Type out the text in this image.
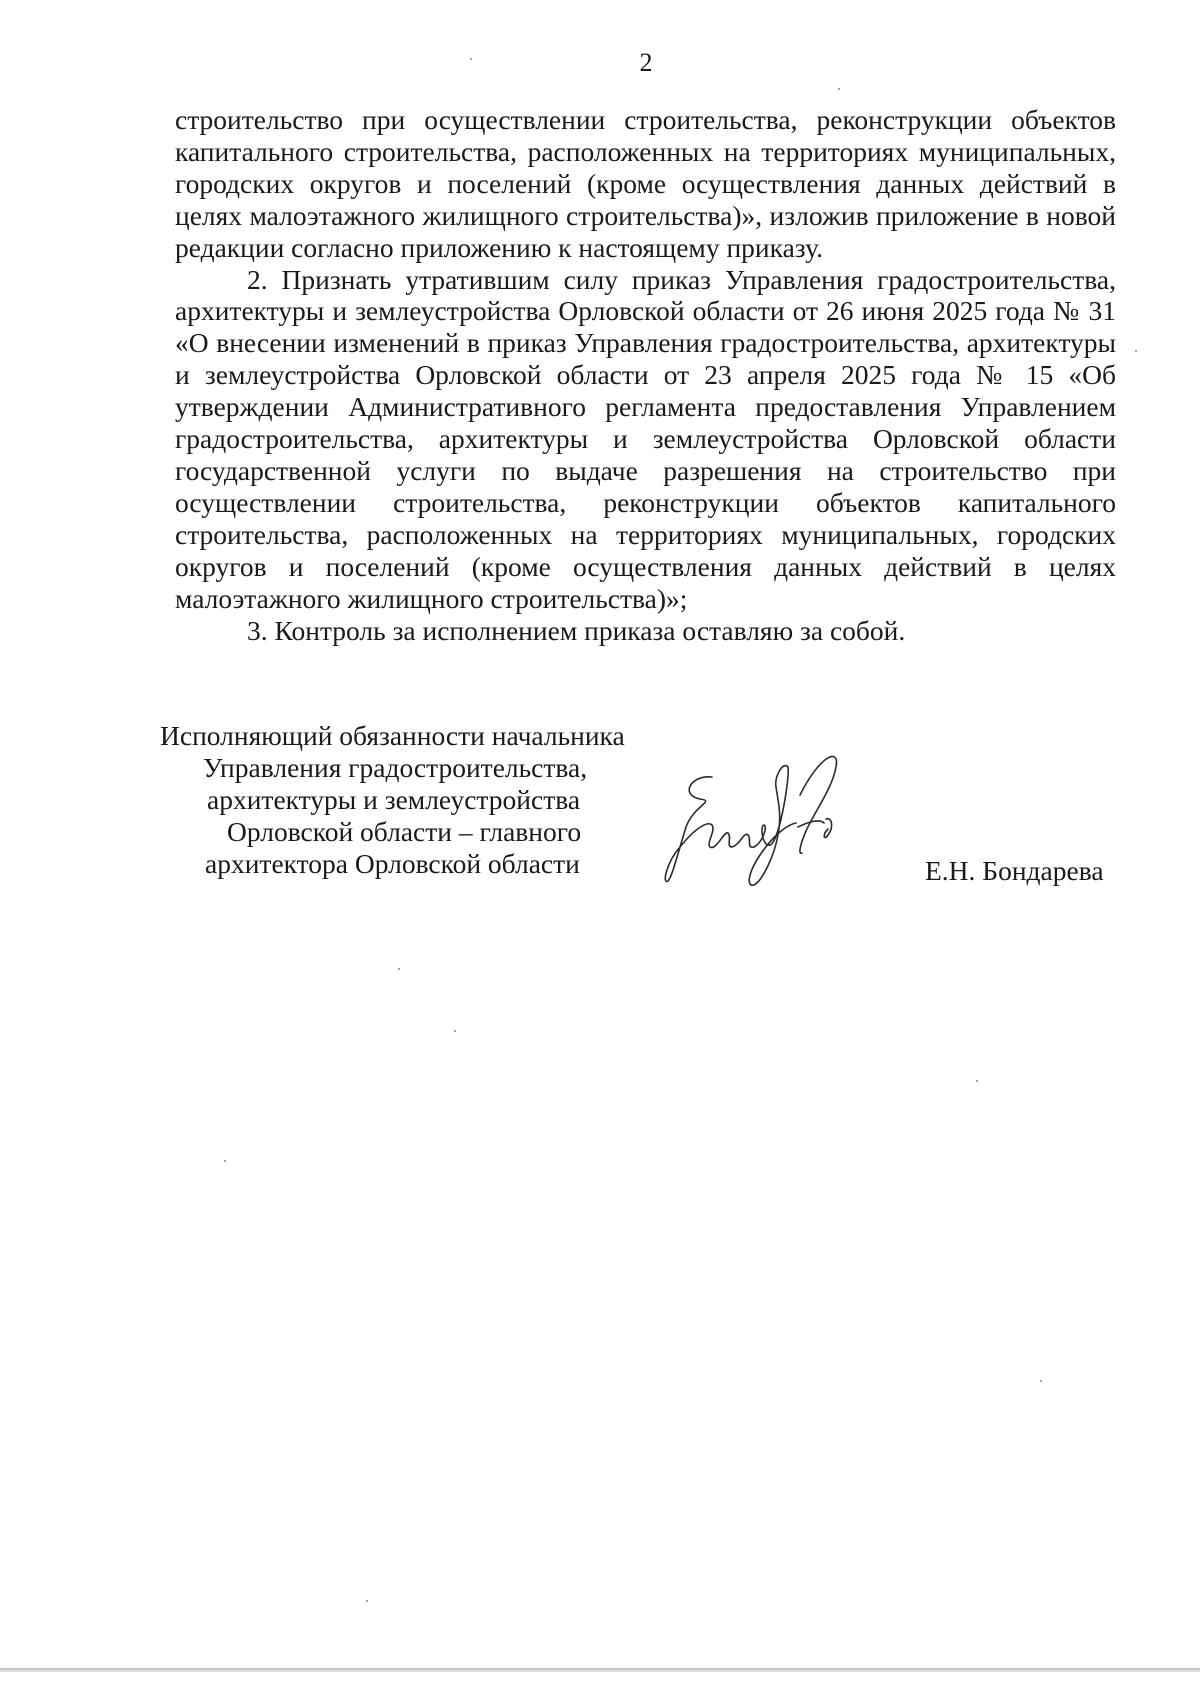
2

строительство при осуществлении строительства, реконструкции объектов капитального строительства, расположенных на территориях муниципальных, городских округов и поселений (кроме осуществления данных действий в целях малоэтажного жилищного строительства)», изложив приложение в новой редакции согласно приложению к настоящему приказу.

2. Признать утратившим силу приказ Управления градостроительства, архитектуры и землеустройства Орловской области от 26 июня 2025 года № 31 «О внесении изменений в приказ Управления градостроительства, архитектуры и землеустройства Орловской области от 23 апреля 2025 года № 15 «Об утверждении Административного регламента предоставления Управлением градостроительства, архитектуры и землеустройства Орловской области государственной услуги по выдаче разрешения на строительство при осуществлении строительства, реконструкции объектов капитального строительства, расположенных на территориях муниципальных, городских округов и поселений (кроме осуществления данных действий в целях малоэтажного жилищного строительства)»;

3. Контроль за исполнением приказа оставляю за собой.

Исполняющий обязанности начальника
Управления градостроительства,
архитектуры и землеустройства
Орловской области – главного
архитектора Орловской области	Е.Н. Бондарева
